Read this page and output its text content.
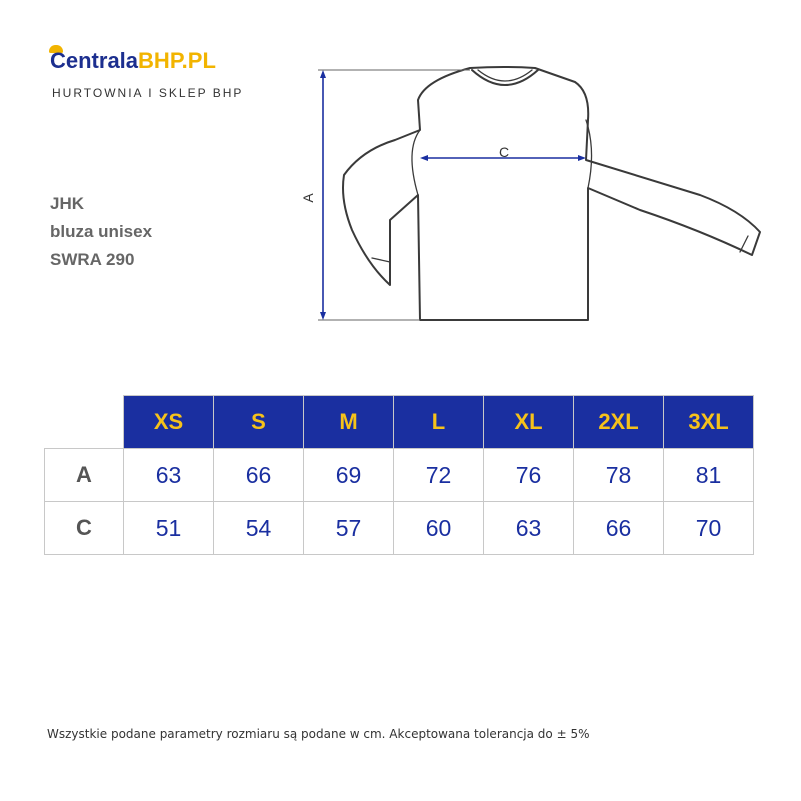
CentralaBHP.PL
HURTOWNIA I SKLEP BHP
JHK
bluza unisex
SWRA 290
A
C
	XS	S	M	L	XL	2XL	3XL
A	63	66	69	72	76	78	81
C	51	54	57	60	63	66	70
Wszystkie podane parametry rozmiaru są podane w cm. Akceptowana tolerancja do ± 5%
